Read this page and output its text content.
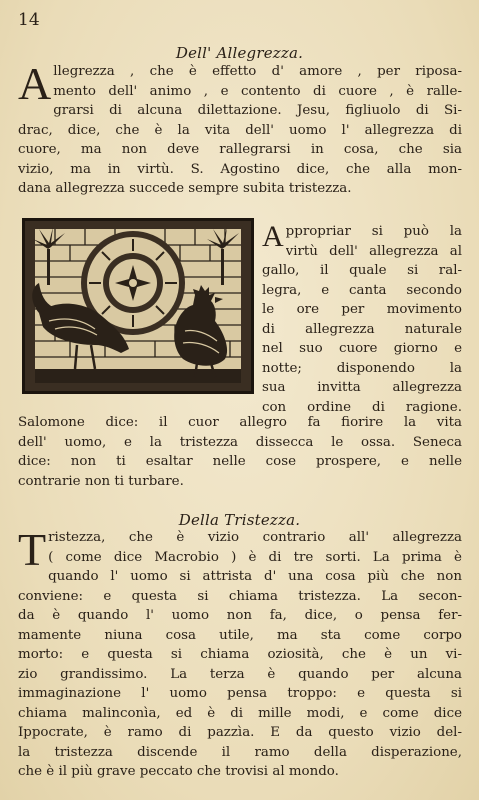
14
Dell' Allegrezza.
A llegrezza , che è effetto d' amore , per riposa-
mento dell' animo , e contento di cuore , è ralle-
grarsi di alcuna dilettazione. Jesu, figliuolo di Si-
drac, dice, che è la vita dell' uomo l' allegrezza di
cuore, ma non deve rallegrarsi in cosa, che sia
vizio, ma in virtù. S. Agostino dice, che alla mon-
dana allegrezza succede sempre subita tristezza.
A ppropriar si può la
virtù dell' allegrezza al
gallo, il quale si ral-
legra, e canta secondo
le ore per movimento
di allegrezza naturale
nel suo cuore giorno e
notte; disponendo la
sua invitta allegrezza
con ordine di ragione.
Salomone dice: il cuor allegro fa fiorire la vita
dell' uomo, e la tristezza dissecca le ossa. Seneca
dice: non ti esaltar nelle cose prospere, e nelle
contrarie non ti turbare.
Della Tristezza.
T ristezza, che è vizio contrario all' allegrezza
( come dice Macrobio ) è di tre sorti. La prima è
quando l' uomo si attrista d' una cosa più che non
conviene: e questa si chiama tristezza. La secon-
da è quando l' uomo non fa, dice, o pensa fer-
mamente niuna cosa utile, ma sta come corpo
morto: e questa si chiama oziosità, che è un vi-
zio grandissimo. La terza è quando per alcuna
immaginazione l' uomo pensa troppo: e questa si
chiama malinconìa, ed è di mille modi, e come dice
Ippocrate, è ramo di pazzìa. E da questo vizio del-
la tristezza discende il ramo della disperazione,
che è il più grave peccato che trovisi al mondo.
